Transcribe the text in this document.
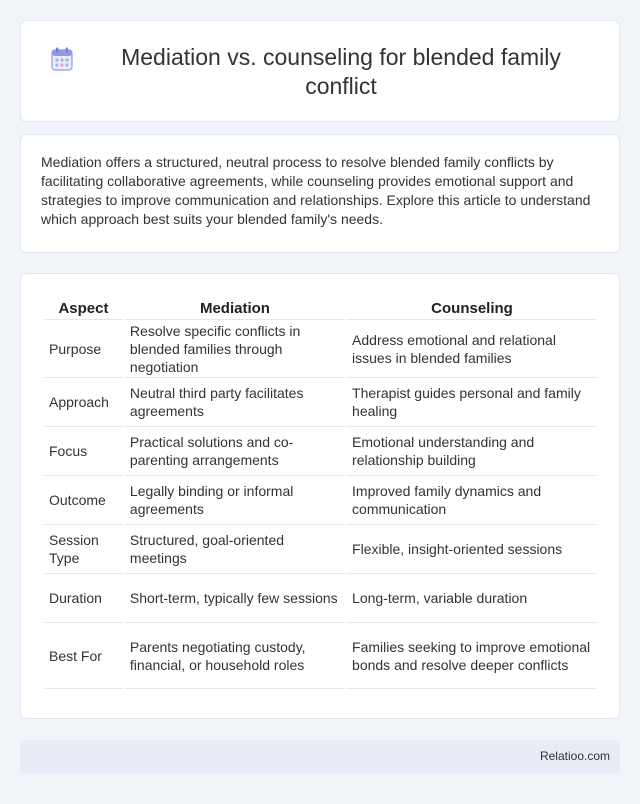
Mediation vs. counseling for blended family conflict

Mediation offers a structured, neutral process to resolve blended family conflicts by facilitating collaborative agreements, while counseling provides emotional support and strategies to improve communication and relationships. Explore this article to understand which approach best suits your blended family's needs.

Aspect	Mediation	Counseling
Purpose	Resolve specific conflicts in blended families through negotiation	Address emotional and relational issues in blended families
Approach	Neutral third party facilitates agreements	Therapist guides personal and family healing
Focus	Practical solutions and co-parenting arrangements	Emotional understanding and relationship building
Outcome	Legally binding or informal agreements	Improved family dynamics and communication
Session Type	Structured, goal-oriented meetings	Flexible, insight-oriented sessions
Duration	Short-term, typically few sessions	Long-term, variable duration
Best For	Parents negotiating custody, financial, or household roles	Families seeking to improve emotional bonds and resolve deeper conflicts
Relatioo.com
